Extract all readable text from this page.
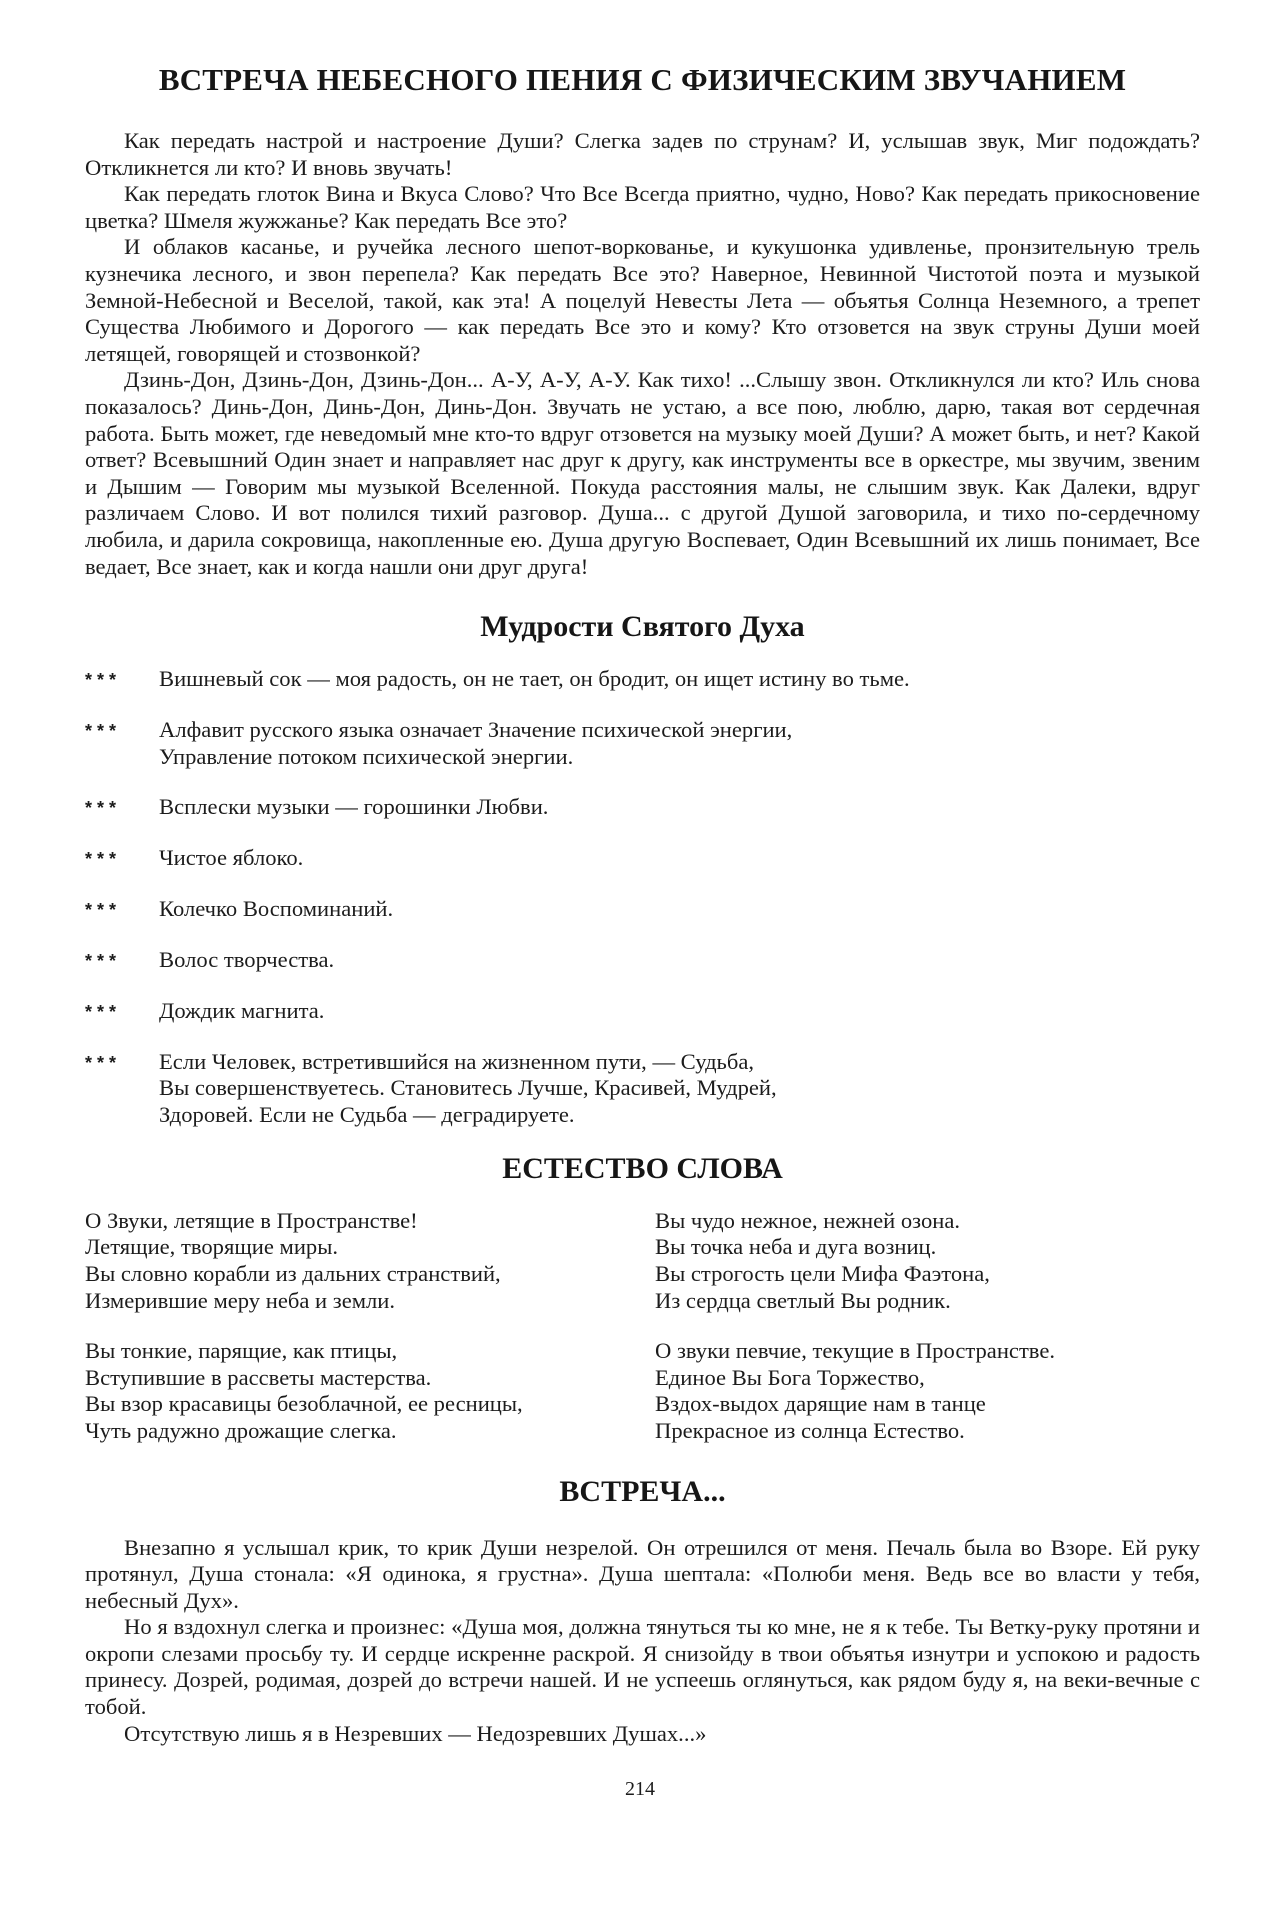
ВСТРЕЧА НЕБЕСНОГО ПЕНИЯ С ФИЗИЧЕСКИМ ЗВУЧАНИЕМ

Как передать настрой и настроение Души? Слегка задев по струнам? И, услышав звук, Миг подождать? Откликнется ли кто? И вновь звучать!

Как передать глоток Вина и Вкуса Слово? Что Все Всегда приятно, чудно, Ново? Как передать прикосновение цветка? Шмеля жужжанье? Как передать Все это?

И облаков касанье, и ручейка лесного шепот-воркованье, и кукушонка удивленье, пронзительную трель кузнечика лесного, и звон перепела? Как передать Все это? Наверное, Невинной Чистотой поэта и музыкой Земной-Небесной и Веселой, такой, как эта! А поцелуй Невесты Лета — объятья Солнца Неземного, а трепет Существа Любимого и Дорогого — как передать Все это и кому? Кто отзовется на звук струны Души моей летящей, говорящей и стозвонкой?

Дзинь-Дон, Дзинь-Дон, Дзинь-Дон... А-У, А-У, А-У. Как тихо! ...Слышу звон. Откликнулся ли кто? Иль снова показалось? Динь-Дон, Динь-Дон, Динь-Дон. Звучать не устаю, а все пою, люблю, дарю, такая вот сердечная работа. Быть может, где неведомый мне кто-то вдруг отзовется на музыку моей Души? А может быть, и нет? Какой ответ? Всевышний Один знает и направляет нас друг к другу, как инструменты все в оркестре, мы звучим, звеним и Дышим — Говорим мы музыкой Вселенной. Покуда расстояния малы, не слышим звук. Как Далеки, вдруг различаем Слово. И вот полился тихий разговор. Душа... с другой Душой заговорила, и тихо по-сердечному любила, и дарила сокровища, накопленные ею. Душа другую Воспевает, Один Всевышний их лишь понимает, Все ведает, Все знает, как и когда нашли они друг друга!

Мудрости Святого Духа
* * *	Вишневый сок — моя радость, он не тает, он бродит, он ищет истину во тьме.
* * *	Алфавит русского языка означает Значение психической энергии,
Управление потоком психической энергии.
* * *	Всплески музыки — горошинки Любви.
* * *	Чистое яблоко.
* * *	Колечко Воспоминаний.
* * *	Волос творчества.
* * *	Дождик магнита.
* * *	Если Человек, встретившийся на жизненном пути, — Судьба,
Вы совершенствуетесь. Становитесь Лучше, Красивей, Мудрей,
Здоровей. Если не Судьба — деградируете.
ЕСТЕСТВО СЛОВА
О Звуки, летящие в Пространстве!
Летящие, творящие миры.
Вы словно корабли из дальних странствий,
Измерившие меру неба и земли.
Вы чудо нежное, нежней озона.
Вы точка неба и дуга возниц.
Вы строгость цели Мифа Фаэтона,
Из сердца светлый Вы родник.
Вы тонкие, парящие, как птицы,
Вступившие в рассветы мастерства.
Вы взор красавицы безоблачной, ее ресницы,
Чуть радужно дрожащие слегка.
О звуки певчие, текущие в Пространстве.
Единое Вы Бога Торжество,
Вздох-выдох дарящие нам в танце
Прекрасное из солнца Естество.
ВСТРЕЧА...

Внезапно я услышал крик, то крик Души незрелой. Он отрешился от меня. Печаль была во Взоре. Ей руку протянул, Душа стонала: «Я одинока, я грустна». Душа шептала: «Полюби меня. Ведь все во власти у тебя, небесный Дух».

Но я вздохнул слегка и произнес: «Душа моя, должна тянуться ты ко мне, не я к тебе. Ты Ветку-руку протяни и окропи слезами просьбу ту. И сердце искренне раскрой. Я снизойду в твои объятья изнутри и успокою и радость принесу. Дозрей, родимая, дозрей до встречи нашей. И не успеешь оглянуться, как рядом буду я, на веки-вечные с тобой.

Отсутствую лишь я в Незревших — Недозревших Душах...»

214
